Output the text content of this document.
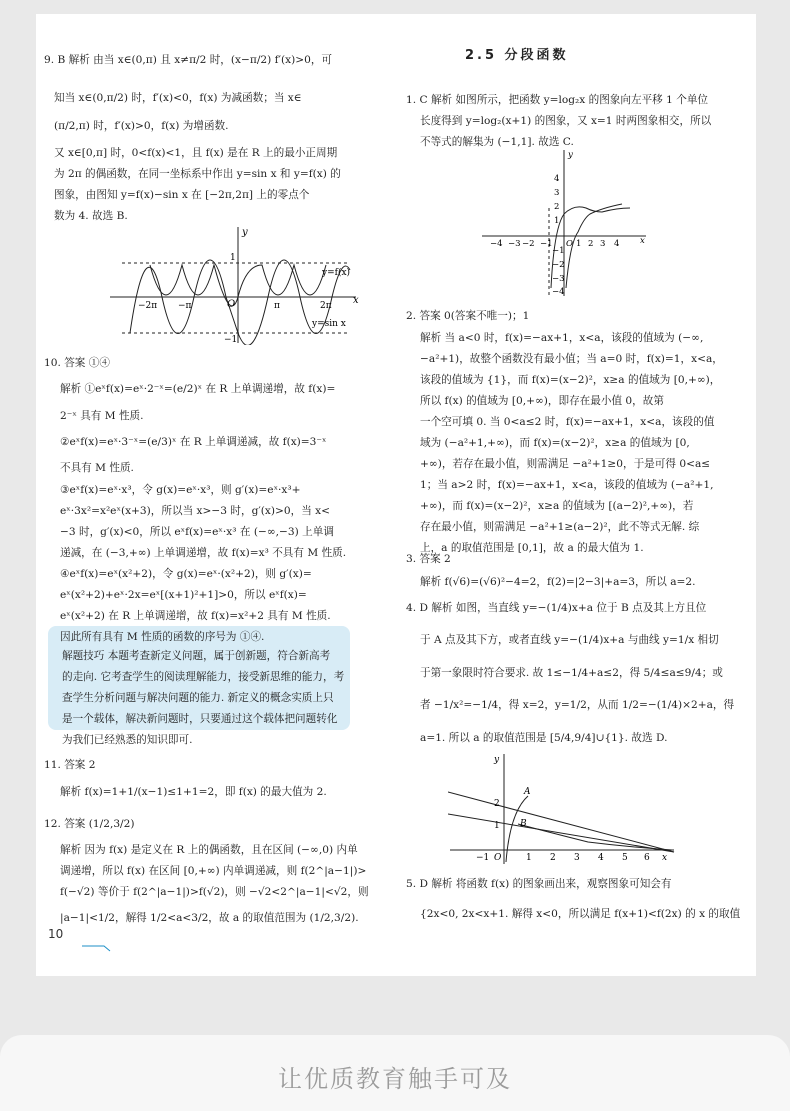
2.5 分段函数
9. B 解析 由当 x∈(0,π) 且 x≠π/2 时，(x−π/2) f′(x)>0，可
知当 x∈(0,π/2) 时，f′(x)<0，f(x) 为减函数；当 x∈
(π/2,π) 时，f′(x)>0，f(x) 为增函数.
又 x∈[0,π] 时，0<f(x)<1，且 f(x) 是在 R 上的最小正周期
为 2π 的偶函数，在同一坐标系中作出 y=sin x 和 y=f(x) 的
图象，由图知 y=f(x)−sin x 在 [−2π,2π] 上的零点个
数为 4. 故选 B.
10. 答案 ①④
解析 ①eˣf(x)=eˣ·2⁻ˣ=(e/2)ˣ 在 R 上单调递增，故 f(x)=
2⁻ˣ 具有 M 性质.
②eˣf(x)=eˣ·3⁻ˣ=(e/3)ˣ 在 R 上单调递减，故 f(x)=3⁻ˣ
不具有 M 性质.
③eˣf(x)=eˣ·x³，令 g(x)=eˣ·x³，则 g′(x)=eˣ·x³+
eˣ·3x²=x²eˣ(x+3)，所以当 x>−3 时，g′(x)>0，当 x<
−3 时，g′(x)<0，所以 eˣf(x)=eˣ·x³ 在 (−∞,−3) 上单调
递减，在 (−3,+∞) 上单调递增，故 f(x)=x³ 不具有 M 性质.
④eˣf(x)=eˣ(x²+2)，令 g(x)=eˣ·(x²+2)，则 g′(x)=
eˣ(x²+2)+eˣ·2x=eˣ[(x+1)²+1]>0，所以 eˣf(x)=
eˣ(x²+2) 在 R 上单调递增，故 f(x)=x²+2 具有 M 性质.
因此所有具有 M 性质的函数的序号为 ①④.
11. 答案 2
解析 f(x)=1+1/(x−1)≤1+1=2，即 f(x) 的最大值为 2.
12. 答案 (1/2,3/2)
解析 因为 f(x) 是定义在 R 上的偶函数，且在区间 (−∞,0) 内单
调递增，所以 f(x) 在区间 [0,+∞) 内单调递减，则 f(2^|a−1|)>
f(−√2) 等价于 f(2^|a−1|)>f(√2)，则 −√2<2^|a−1|<√2，则
|a−1|<1/2，解得 1/2<a<3/2，故 a 的取值范围为 (1/2,3/2).
解题技巧 本题考查新定义问题，属于创新题，符合新高考
的走向. 它考查学生的阅读理解能力，接受新思维的能力，考
查学生分析问题与解决问题的能力. 新定义的概念实质上只
是一个载体，解决新问题时，只要通过这个载体把问题转化
为我们已经熟悉的知识即可.
1. C 解析 如图所示，把函数 y=log₂x 的图象向左平移 1 个单位
长度得到 y=log₂(x+1) 的图象，又 x=1 时两图象相交，所以
不等式的解集为 (−1,1]. 故选 C.
2. 答案 0(答案不唯一)；1
解析 当 a<0 时，f(x)=−ax+1，x<a，该段的值域为 (−∞,
−a²+1)，故整个函数没有最小值；当 a=0 时，f(x)=1，x<a，
该段的值域为 {1}，而 f(x)=(x−2)²，x≥a 的值域为 [0,+∞)，
所以 f(x) 的值域为 [0,+∞)，即存在最小值 0，故第
一个空可填 0. 当 0<a≤2 时，f(x)=−ax+1，x<a，该段的值
域为 (−a²+1,+∞)，而 f(x)=(x−2)²，x≥a 的值域为 [0,
+∞)，若存在最小值，则需满足 −a²+1≥0，于是可得 0<a≤
1；当 a>2 时，f(x)=−ax+1，x<a，该段的值域为 (−a²+1,
+∞)，而 f(x)=(x−2)²，x≥a 的值域为 [(a−2)²,+∞)，若
存在最小值，则需满足 −a²+1≥(a−2)²，此不等式无解. 综
上，a 的取值范围是 [0,1]，故 a 的最大值为 1.
3. 答案 2
解析 f(√6)=(√6)²−4=2，f(2)=|2−3|+a=3，所以 a=2.
4. D 解析 如图，当直线 y=−(1/4)x+a 位于 B 点及其上方且位
于 A 点及其下方，或者直线 y=−(1/4)x+a 与曲线 y=1/x 相切
于第一象限时符合要求. 故 1≤−1/4+a≤2，得 5/4≤a≤9/4；或
者 −1/x²=−1/4，得 x=2，y=1/2，从而 1/2=−(1/4)×2+a，得
a=1. 所以 a 的取值范围是 [5/4,9/4]∪{1}. 故选 D.
5. D 解析 将函数 f(x) 的图象画出来，观察图象可知会有
{2x<0, 2x<x+1. 解得 x<0，所以满足 f(x+1)<f(2x) 的 x 的取值
y
x
O
1
−1
2π
π
−π
−2π
y=f(x)
y=sin x
y
x
O
−4 −3 −2 −1	1 2 3 4
4
3
2
1
−1
−2
−3
−4
y
x
O
A
B
−1	1 2 3 4 5 6
2
1
10
让优质教育触手可及
